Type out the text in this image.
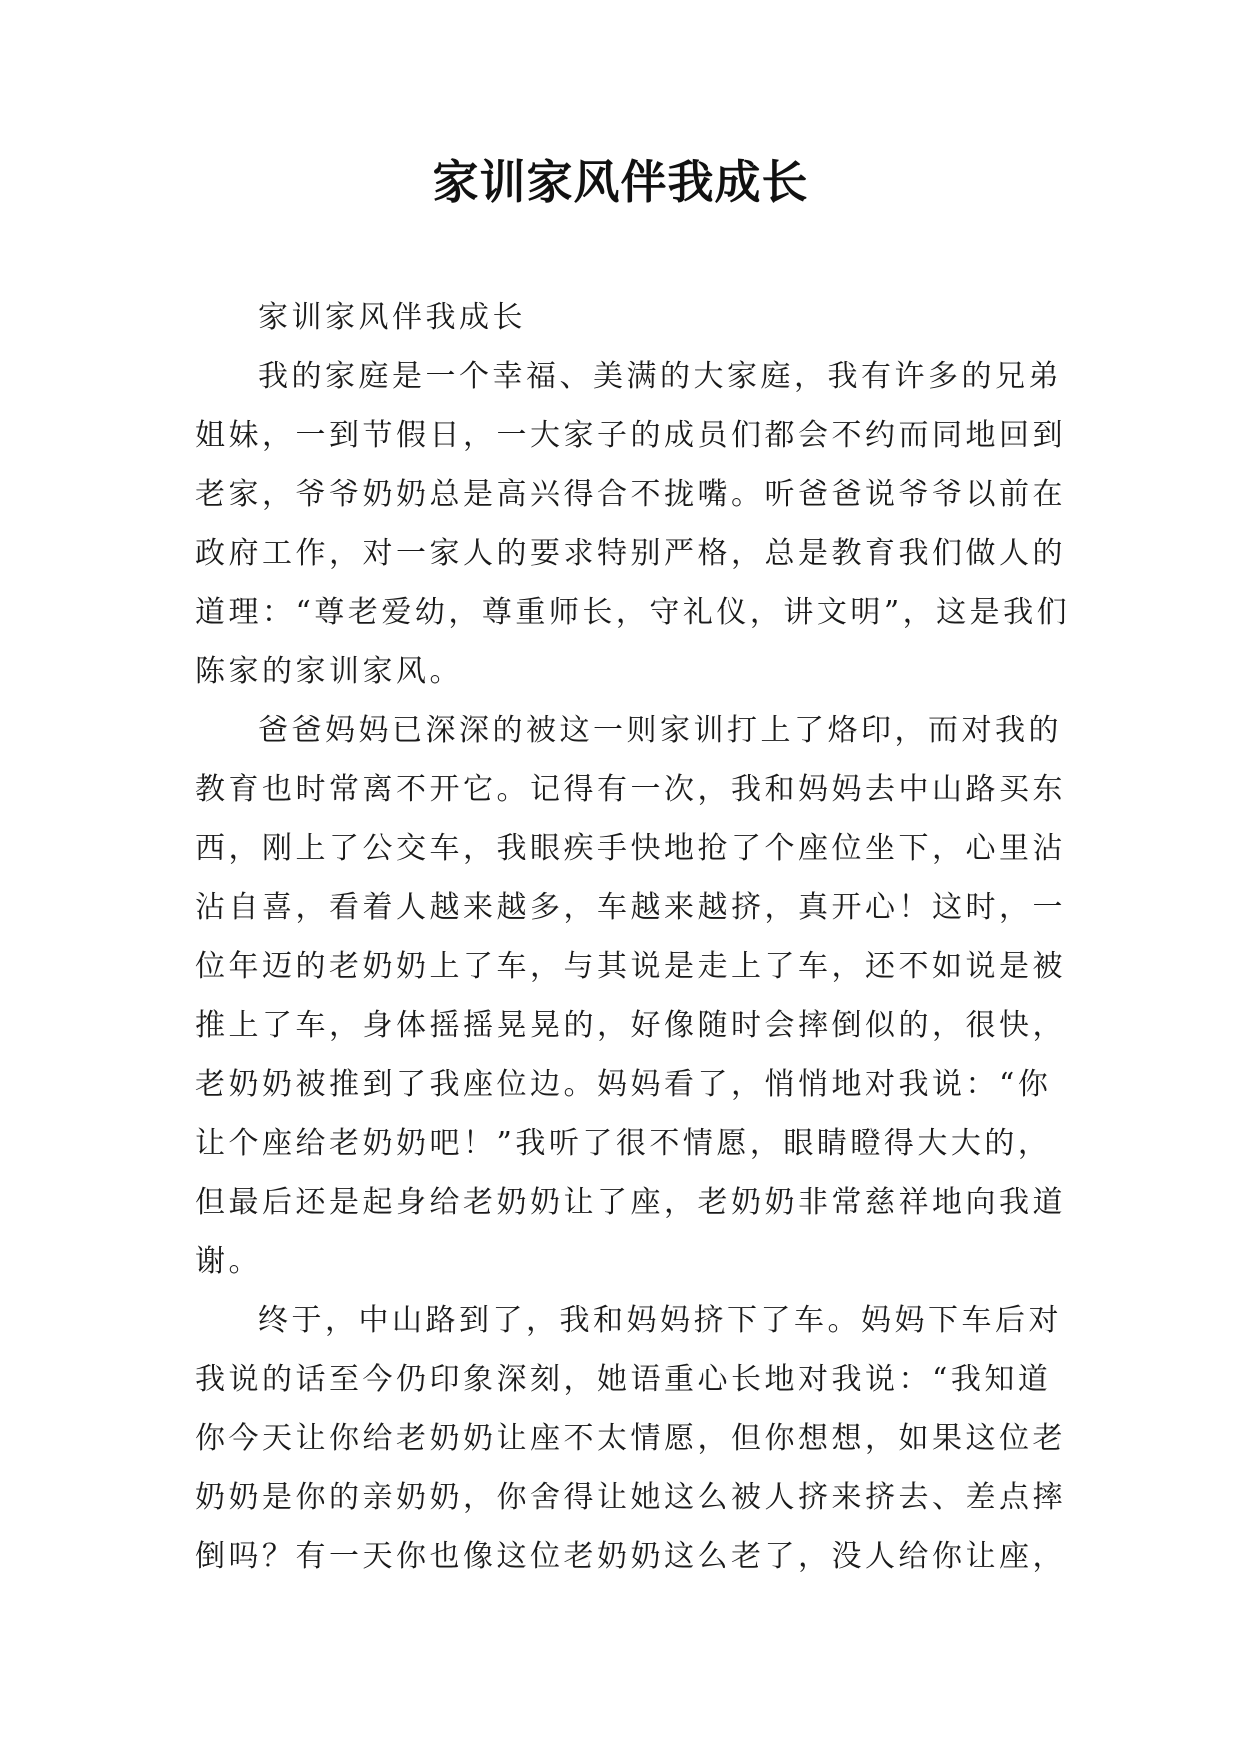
家训家风伴我成长
家训家风伴我成长
我的家庭是一个幸福、美满的大家庭，我有许多的兄弟
姐妹，一到节假日，一大家子的成员们都会不约而同地回到
老家，爷爷奶奶总是高兴得合不拢嘴。听爸爸说爷爷以前在
政府工作，对一家人的要求特别严格，总是教育我们做人的
道理：“尊老爱幼，尊重师长，守礼仪，讲文明”，这是我们
陈家的家训家风。
爸爸妈妈已深深的被这一则家训打上了烙印，而对我的
教育也时常离不开它。记得有一次，我和妈妈去中山路买东
西，刚上了公交车，我眼疾手快地抢了个座位坐下，心里沾
沾自喜，看着人越来越多，车越来越挤，真开心！这时，一
位年迈的老奶奶上了车，与其说是走上了车，还不如说是被
推上了车，身体摇摇晃晃的，好像随时会摔倒似的，很快，
老奶奶被推到了我座位边。妈妈看了，悄悄地对我说：“你
让个座给老奶奶吧！”我听了很不情愿，眼睛瞪得大大的，
但最后还是起身给老奶奶让了座，老奶奶非常慈祥地向我道
谢。
终于，中山路到了，我和妈妈挤下了车。妈妈下车后对
我说的话至今仍印象深刻，她语重心长地对我说：“我知道
你今天让你给老奶奶让座不太情愿，但你想想，如果这位老
奶奶是你的亲奶奶，你舍得让她这么被人挤来挤去、差点摔
倒吗？有一天你也像这位老奶奶这么老了，没人给你让座，
